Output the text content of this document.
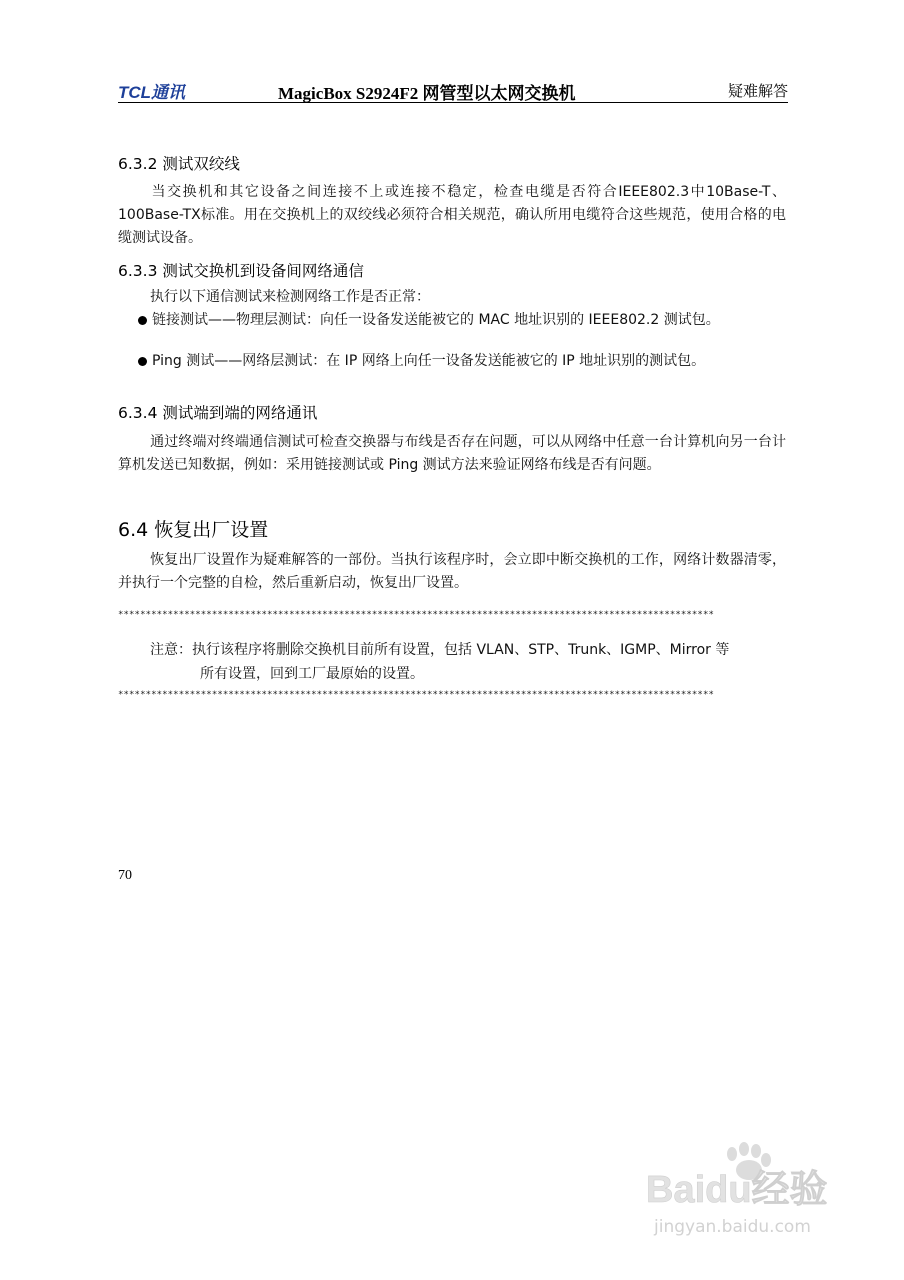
TCL通讯	MagicBox S2924F2 网管型以太网交换机	疑难解答
6.3.2 测试双绞线
当交换机和其它设备之间连接不上或连接不稳定，检查电缆是否符合IEEE802.3中10Base-T、100Base-TX标准。用在交换机上的双绞线必须符合相关规范，确认所用电缆符合这些规范，使用合格的电缆测试设备。
6.3.3 测试交换机到设备间网络通信
执行以下通信测试来检测网络工作是否正常：
链接测试——物理层测试：向任一设备发送能被它的 MAC 地址识别的 IEEE802.2 测试包。
Ping 测试——网络层测试：在 IP 网络上向任一设备发送能被它的 IP 地址识别的测试包。
6.3.4 测试端到端的网络通讯
通过终端对终端通信测试可检查交换器与布线是否存在问题，可以从网络中任意一台计算机向另一台计算机发送已知数据，例如：采用链接测试或 Ping 测试方法来验证网络布线是否有问题。
6.4 恢复出厂设置
恢复出厂设置作为疑难解答的一部份。当执行该程序时，会立即中断交换机的工作，网络计数器清零，并执行一个完整的自检，然后重新启动，恢复出厂设置。
************************************************************************************************************
注意：执行该程序将删除交换机目前所有设置，包括 VLAN、STP、Trunk、IGMP、Mirror 等
所有设置，回到工厂最原始的设置。
************************************************************************************************************
70
Baidu经验
jingyan.baidu.com
